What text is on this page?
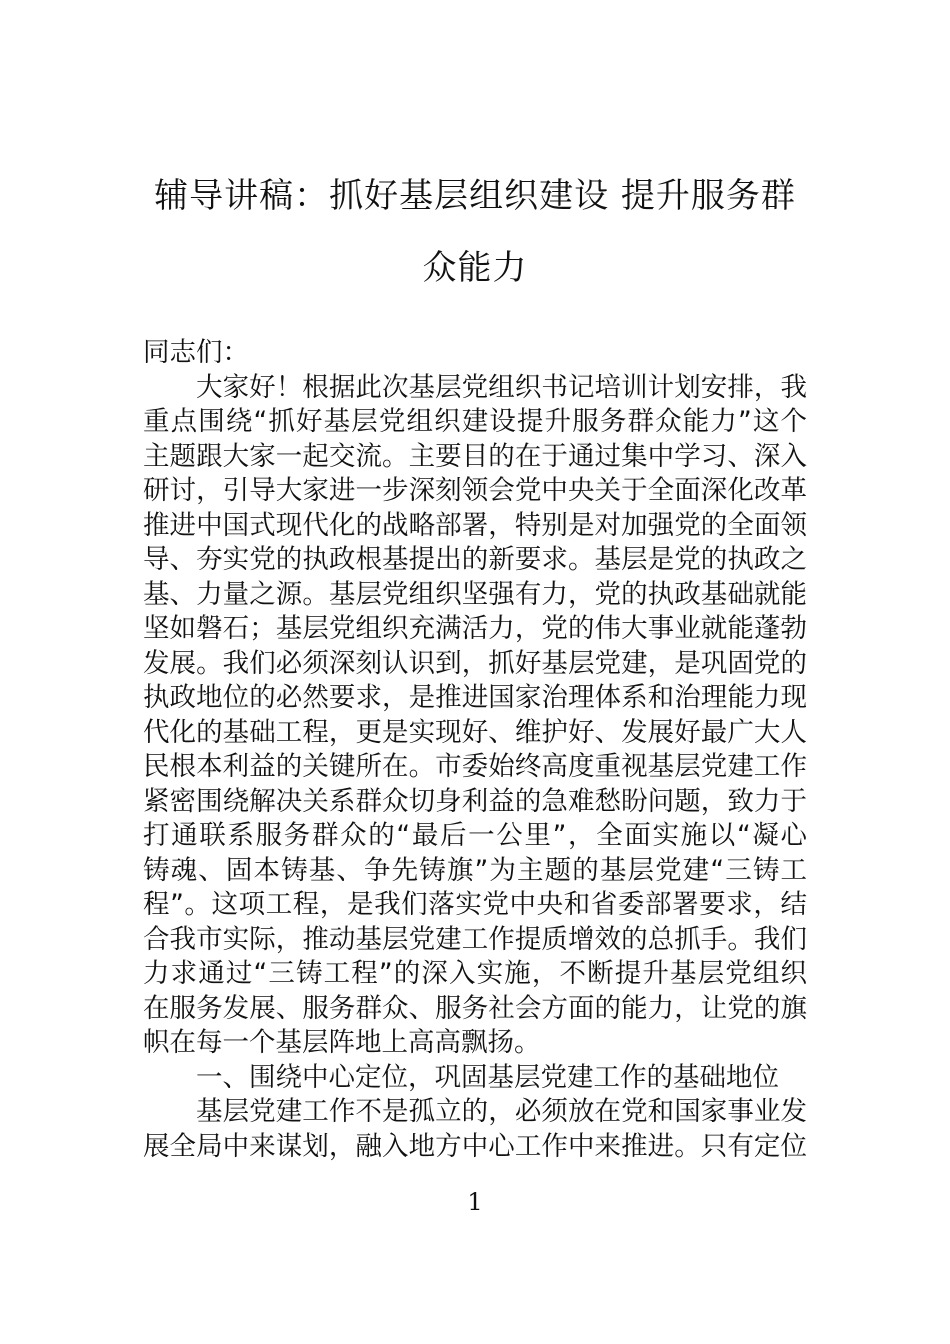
辅导讲稿：抓好基层组织建设 提升服务群
众能力
同志们：
大家好！根据此次基层党组织书记培训计划安排，我
重点围绕“抓好基层党组织建设提升服务群众能力”这个
主题跟大家一起交流。主要目的在于通过集中学习、深入
研讨，引导大家进一步深刻领会党中央关于全面深化改革
推进中国式现代化的战略部署，特别是对加强党的全面领
导、夯实党的执政根基提出的新要求。基层是党的执政之
基、力量之源。基层党组织坚强有力，党的执政基础就能
坚如磐石；基层党组织充满活力，党的伟大事业就能蓬勃
发展。我们必须深刻认识到，抓好基层党建，是巩固党的
执政地位的必然要求，是推进国家治理体系和治理能力现
代化的基础工程，更是实现好、维护好、发展好最广大人
民根本利益的关键所在。市委始终高度重视基层党建工作
紧密围绕解决关系群众切身利益的急难愁盼问题，致力于
打通联系服务群众的“最后一公里”，全面实施以“凝心
铸魂、固本铸基、争先铸旗”为主题的基层党建“三铸工
程”。这项工程，是我们落实党中央和省委部署要求，结
合我市实际，推动基层党建工作提质增效的总抓手。我们
力求通过“三铸工程”的深入实施，不断提升基层党组织
在服务发展、服务群众、服务社会方面的能力，让党的旗
帜在每一个基层阵地上高高飘扬。
一、围绕中心定位，巩固基层党建工作的基础地位
基层党建工作不是孤立的，必须放在党和国家事业发
展全局中来谋划，融入地方中心工作中来推进。只有定位
1
